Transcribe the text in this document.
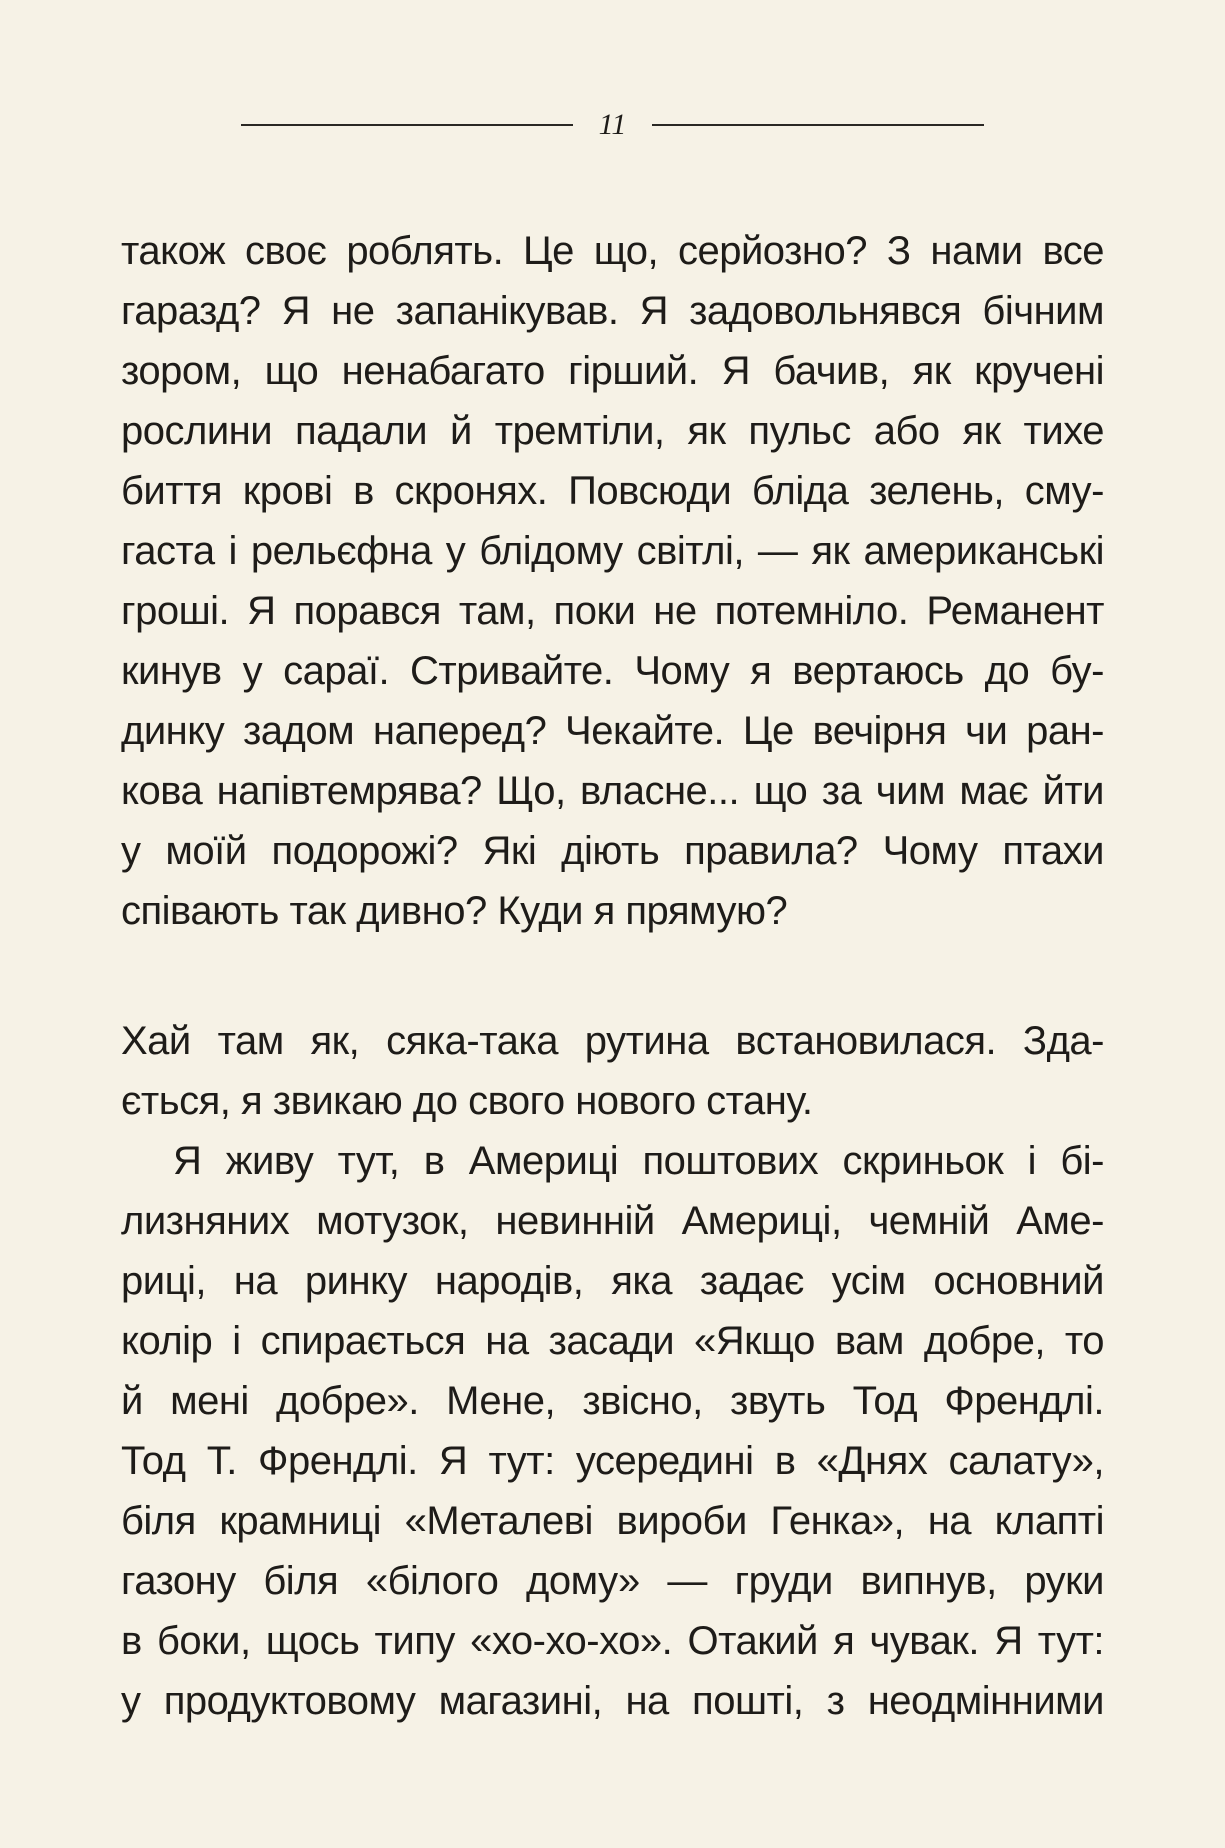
11
також своє роблять. Це що, серйозно? З нами все
гаразд? Я не запанікував. Я задовольнявся бічним
зором, що ненабагато гірший. Я бачив, як кручені
рослини падали й тремтіли, як пульс або як тихе
биття крові в скронях. Повсюди бліда зелень, сму-
гаста і рельєфна у блідому світлі, — як американські
гроші. Я порався там, поки не потемніло. Реманент
кинув у сараї. Стривайте. Чому я вертаюсь до бу-
динку задом наперед? Чекайте. Це вечірня чи ран-
кова напівтемрява? Що, власне... що за чим має йти
у моїй подорожі? Які діють правила? Чому птахи
співають так дивно? Куди я прямую?
Хай там як, сяка-така рутина встановилася. Зда-
ється, я звикаю до свого нового стану.
Я живу тут, в Америці поштових скриньок і бі-
лизняних мотузок, невинній Америці, чемній Аме-
риці, на ринку народів, яка задає усім основний
колір і спирається на засади «Якщо вам добре, то
й мені добре». Мене, звісно, звуть Тод Френдлі.
Тод Т. Френдлі. Я тут: усередині в «Днях салату»,
біля крамниці «Металеві вироби Генка», на клапті
газону біля «білого дому» — груди випнув, руки
в боки, щось типу «хо-хо-хо». Отакий я чувак. Я тут:
у продуктовому магазині, на пошті, з неодмінними
